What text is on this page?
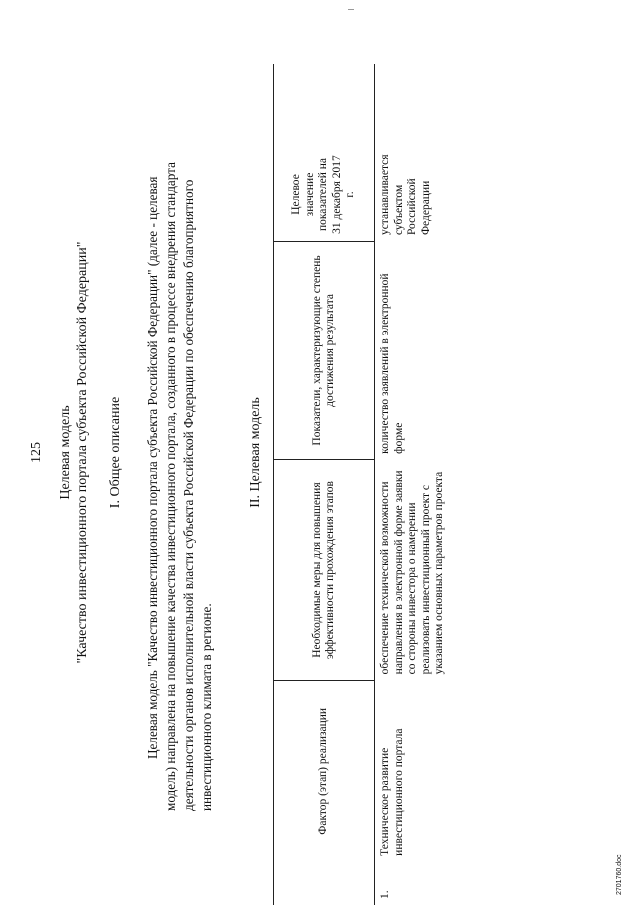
125 Целевая модель "Качество инвестиционного портала субъекта Российской Федерации" I. Общее описание Целевая модель "Качество инвестиционного портала субъекта Российской Федерации" (далее - целевая модель) направлена на повышение качества инвестиционного портала, созданного в процессе внедрения стандарта деятельности органов исполнительной власти субъекта Российской Федерации по обеспечению благоприятного инвестиционного климата в регионе.
II. Целевая модель
	Фактор (этап) реализации	Необходимые меры для повышения эффективности прохождения этапов	Показатели, характеризующие степень достижения результата	Целевое значение показателей на 31 декабря 2017 г.	
1.	Техническое развитие инвестиционного портала	обеспечение технической возможности направления в электронной форме заявки со стороны инвестора о намерении реализовать инвестиционный проект с указанием основных параметров проекта	количество заявлений в электронной форме	устанавливается субъектом Российской Федерации	
2701760.doc
